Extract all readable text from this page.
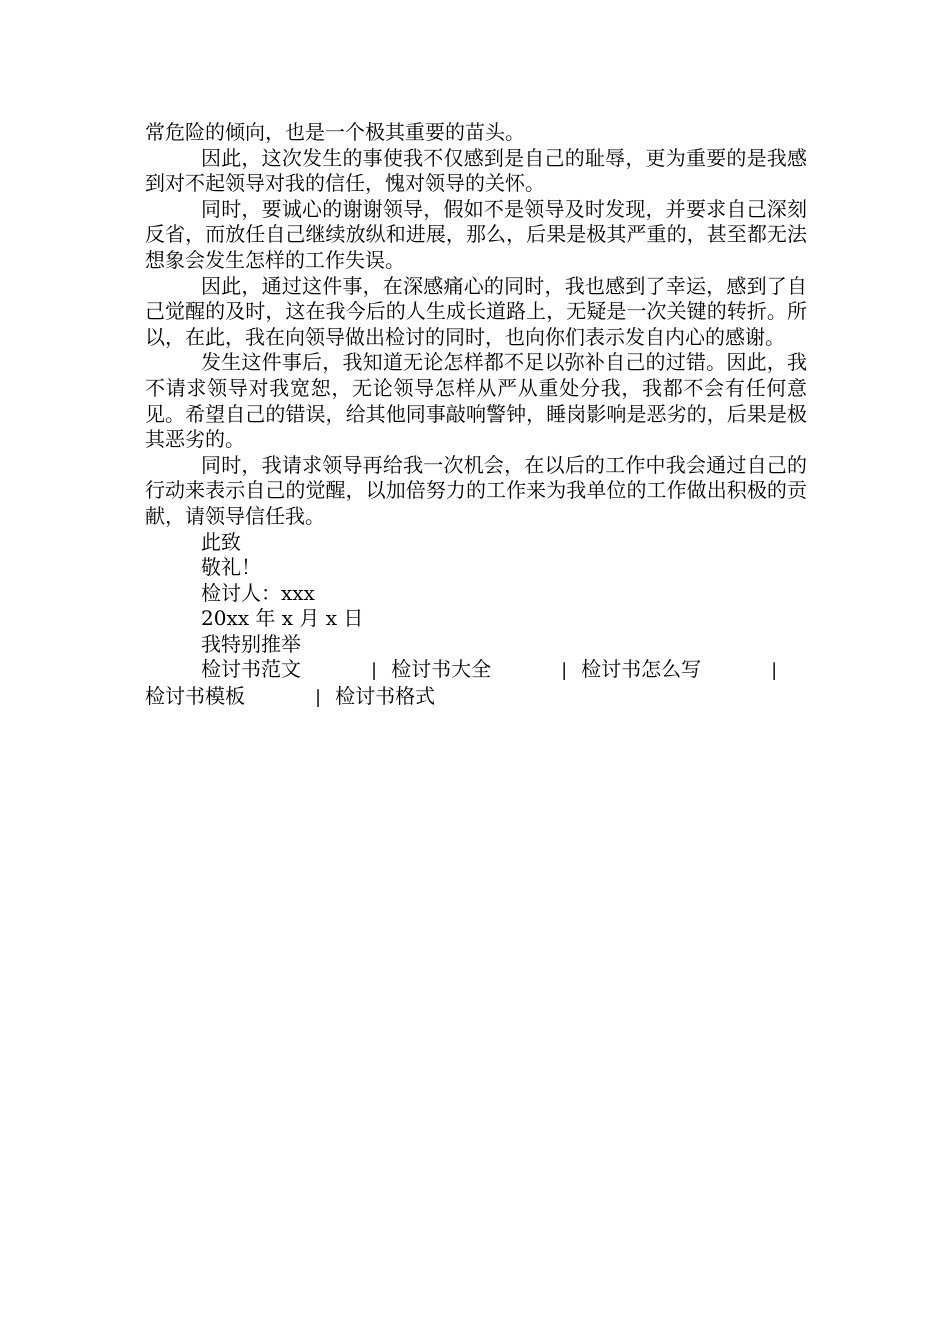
常危险的倾向，也是一个极其重要的苗头。

因此，这次发生的事使我不仅感到是自己的耻辱，更为重要的是我感到对不起领导对我的信任，愧对领导的关怀。

同时，要诚心的谢谢领导，假如不是领导及时发现，并要求自己深刻反省，而放任自己继续放纵和进展，那么，后果是极其严重的，甚至都无法想象会发生怎样的工作失误。

因此，通过这件事，在深感痛心的同时，我也感到了幸运，感到了自己觉醒的及时，这在我今后的人生成长道路上，无疑是一次关键的转折。所以，在此，我在向领导做出检讨的同时，也向你们表示发自内心的感谢。

发生这件事后，我知道无论怎样都不足以弥补自己的过错。因此，我不请求领导对我宽恕，无论领导怎样从严从重处分我，我都不会有任何意见。希望自己的错误，给其他同事敲响警钟，睡岗影响是恶劣的，后果是极其恶劣的。

同时，我请求领导再给我一次机会，在以后的工作中我会通过自己的行动来表示自己的觉醒，以加倍努力的工作来为我单位的工作做出积极的贡献，请领导信任我。

此致

敬礼！

检讨人：xxx

20xx 年 x 月 x 日

我特别推举

检讨书范文	| 检讨书大全	| 检讨书怎么写	|检讨书模板	| 检讨书格式
